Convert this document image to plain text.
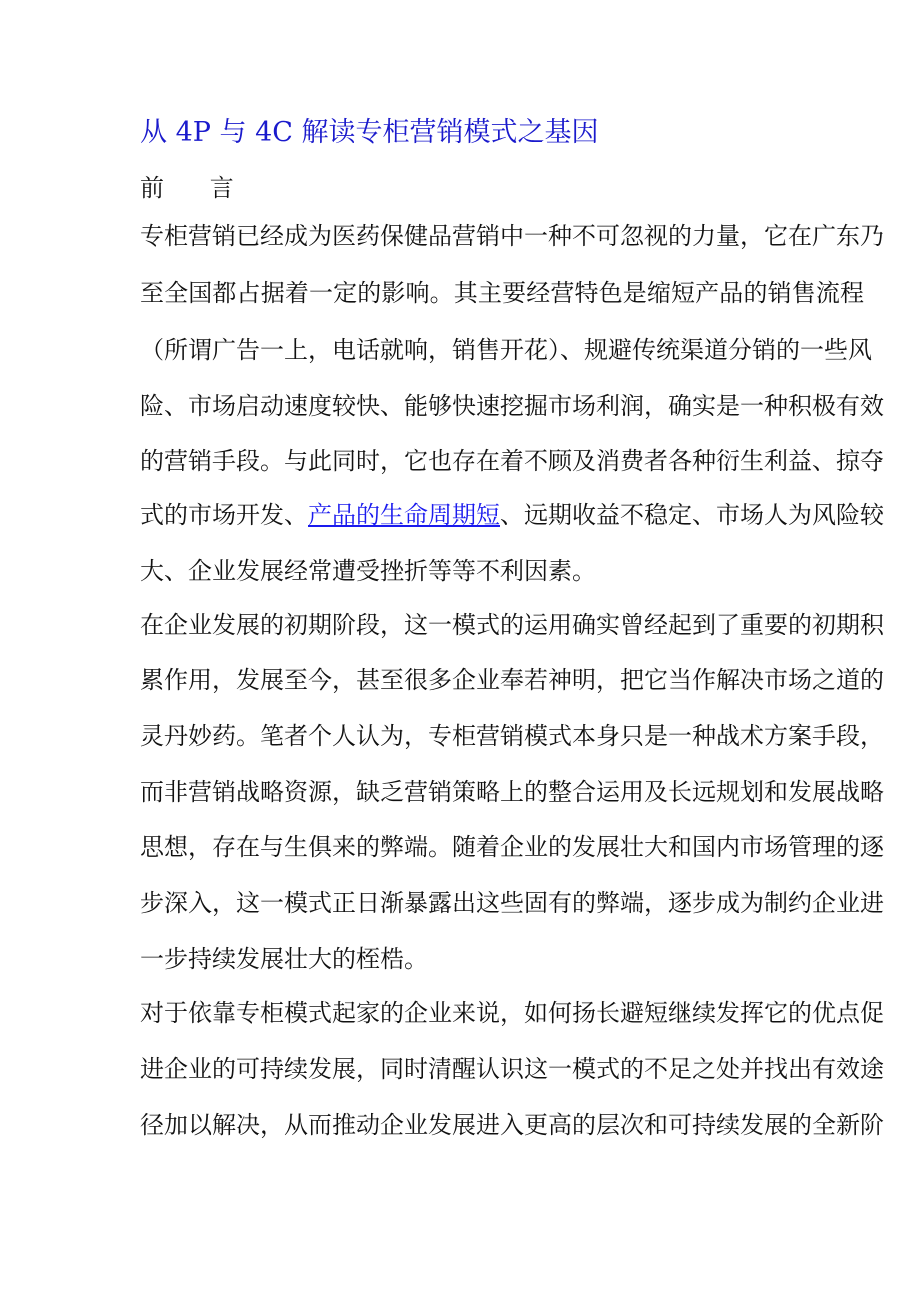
从 4P 与 4C 解读专柜营销模式之基因
前      言
专柜营销已经成为医药保健品营销中一种不可忽视的力量，它在广东乃
至全国都占据着一定的影响。其主要经营特色是缩短产品的销售流程
（所谓广告一上，电话就响，销售开花）、规避传统渠道分销的一些风
险、市场启动速度较快、能够快速挖掘市场利润，确实是一种积极有效
的营销手段。与此同时，它也存在着不顾及消费者各种衍生利益、掠夺
式的市场开发、产品的生命周期短、远期收益不稳定、市场人为风险较
大、企业发展经常遭受挫折等等不利因素。
在企业发展的初期阶段，这一模式的运用确实曾经起到了重要的初期积
累作用，发展至今，甚至很多企业奉若神明，把它当作解决市场之道的
灵丹妙药。笔者个人认为，专柜营销模式本身只是一种战术方案手段，
而非营销战略资源，缺乏营销策略上的整合运用及长远规划和发展战略
思想，存在与生俱来的弊端。随着企业的发展壮大和国内市场管理的逐
步深入，这一模式正日渐暴露出这些固有的弊端，逐步成为制约企业进
一步持续发展壮大的桎梏。
对于依靠专柜模式起家的企业来说，如何扬长避短继续发挥它的优点促
进企业的可持续发展，同时清醒认识这一模式的不足之处并找出有效途
径加以解决，从而推动企业发展进入更高的层次和可持续发展的全新阶
